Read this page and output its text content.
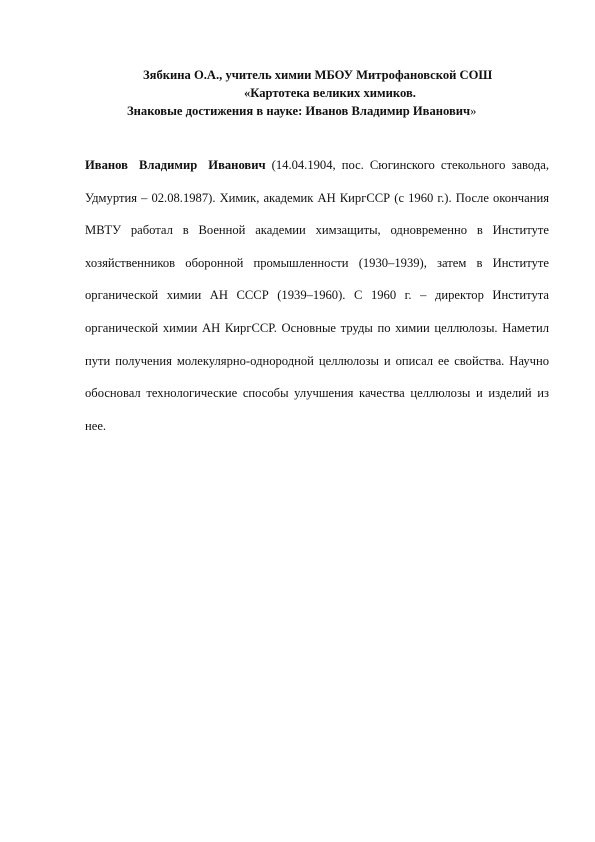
Зябкина О.А., учитель химии МБОУ Митрофановской СОШ
«Картотека великих химиков.
Знаковые достижения в науке: Иванов Владимир Иванович»
Иванов Владимир Иванович (14.04.1904, пос. Сюгинского стекольного завода, Удмуртия – 02.08.1987). Химик, академик АН КиргССР (с 1960 г.). После окончания МВТУ работал в Военной академии химзащиты, одновременно в Институте хозяйственников оборонной промышленности (1930–1939), затем в Институте органической химии АН СССР (1939–1960). С 1960 г. – директор Института органической химии АН КиргССР. Основные труды по химии целлюлозы. Наметил пути получения молекулярно-однородной целлюлозы и описал ее свойства. Научно обосновал технологические способы улучшения качества целлюлозы и изделий из нее.
